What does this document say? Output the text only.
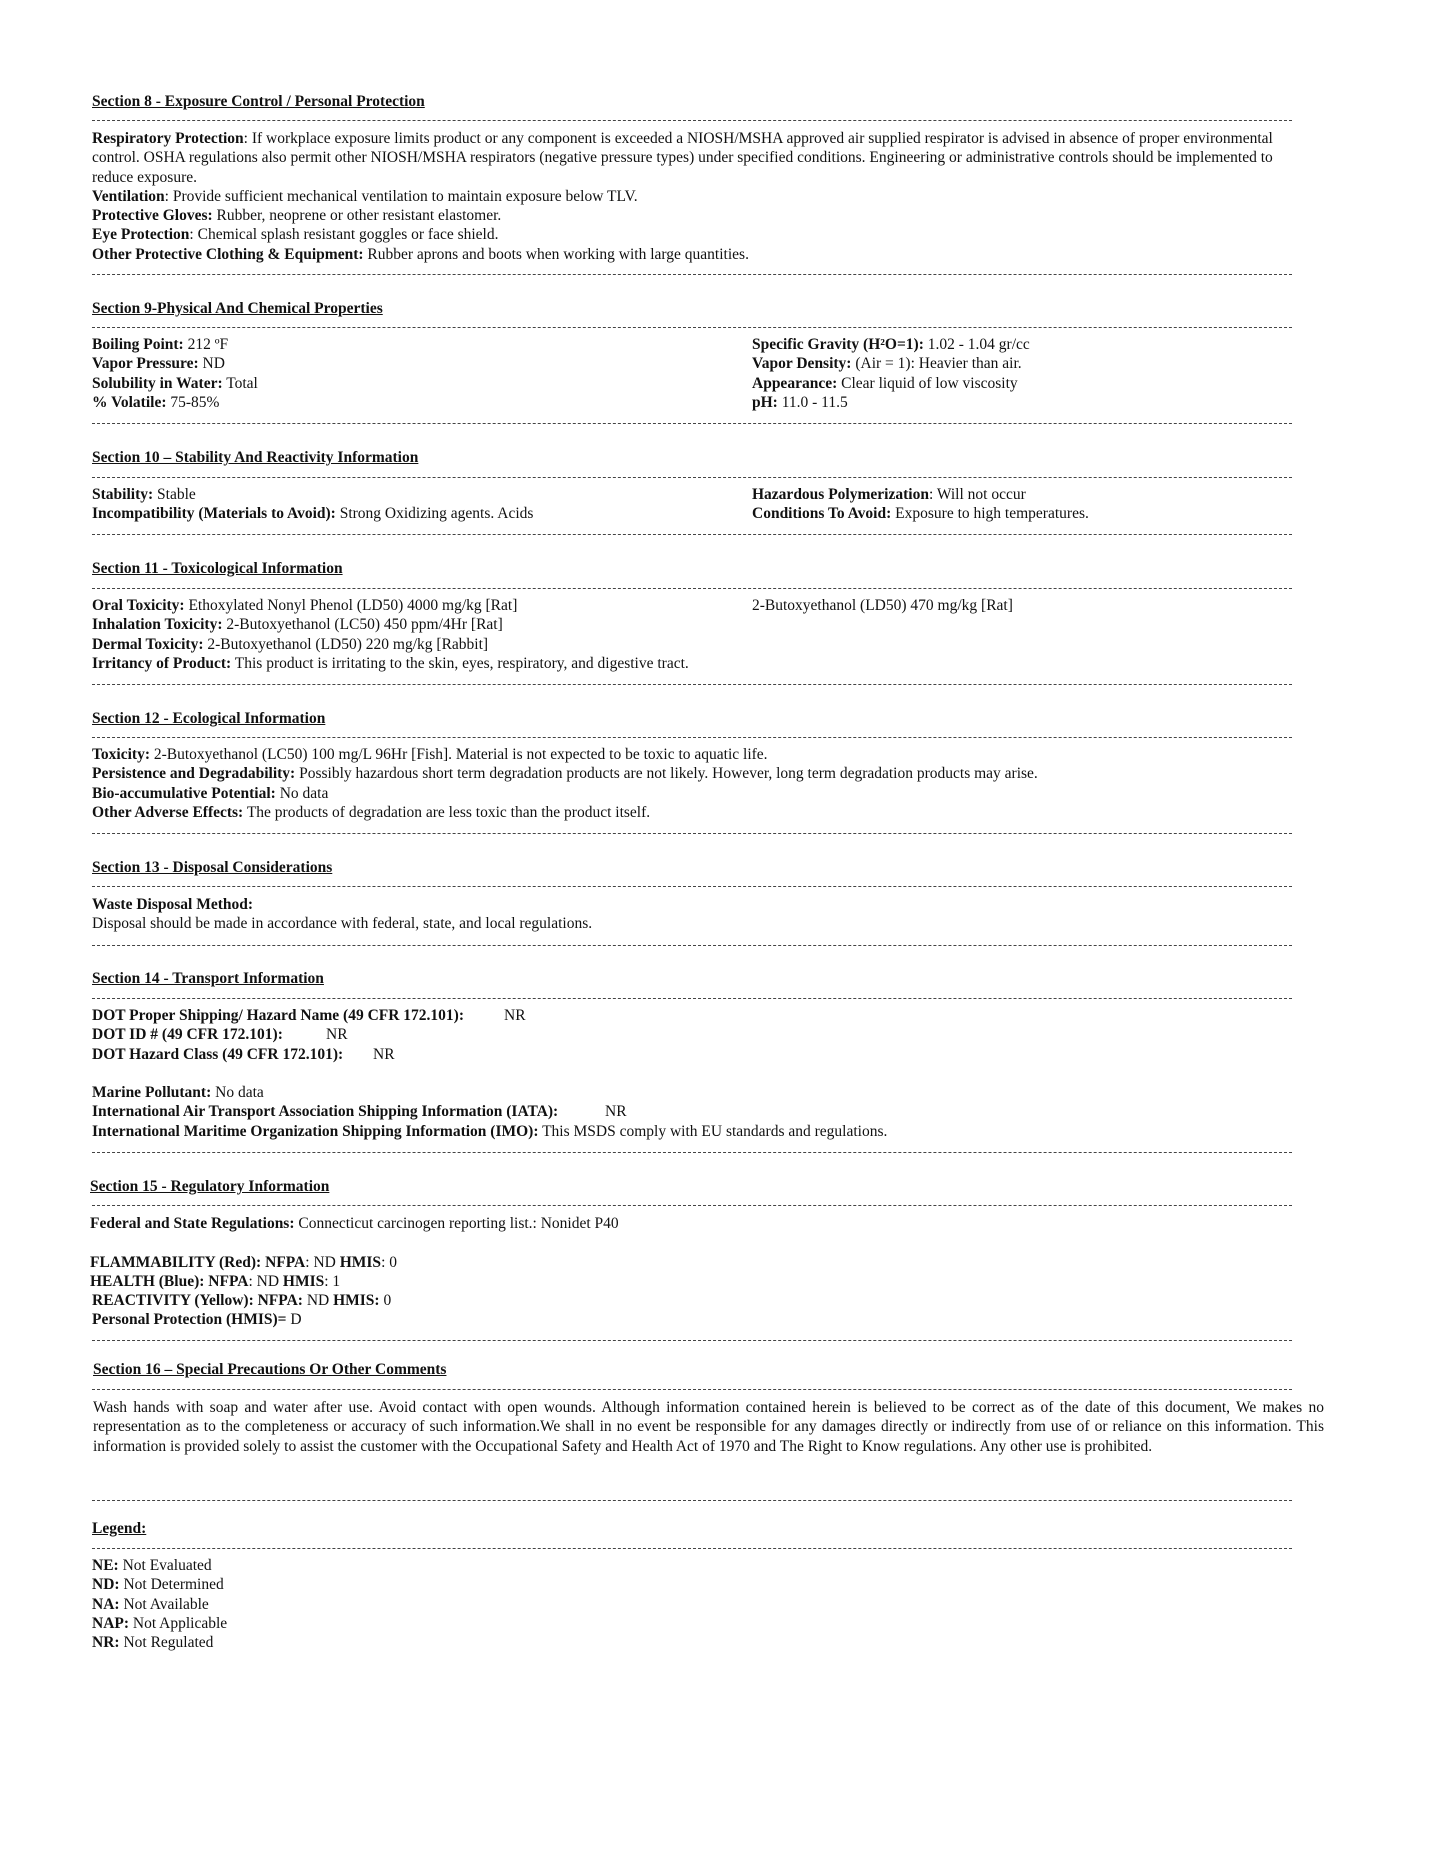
Section 8 - Exposure Control / Personal Protection
Respiratory Protection: If workplace exposure limits product or any component is exceeded a NIOSH/MSHA approved air supplied respirator is advised in absence of proper environmental control. OSHA regulations also permit other NIOSH/MSHA respirators (negative pressure types) under specified conditions. Engineering or administrative controls should be implemented to reduce exposure.
Ventilation: Provide sufficient mechanical ventilation to maintain exposure below TLV.
Protective Gloves: Rubber, neoprene or other resistant elastomer.
Eye Protection: Chemical splash resistant goggles or face shield.
Other Protective Clothing & Equipment: Rubber aprons and boots when working with large quantities.
Section 9-Physical And Chemical Properties
Boiling Point: 212 ºF	Specific Gravity (H²O=1): 1.02 - 1.04 gr/cc
Vapor Pressure: ND	Vapor Density: (Air = 1): Heavier than air.
Solubility in Water: Total	Appearance: Clear liquid of low viscosity
% Volatile: 75-85%	pH: 11.0 - 11.5
Section 10 – Stability And Reactivity Information
Stability: Stable	Hazardous Polymerization: Will not occur
Incompatibility (Materials to Avoid): Strong Oxidizing agents. Acids	Conditions To Avoid: Exposure to high temperatures.
Section 11 - Toxicological Information
Oral Toxicity: Ethoxylated Nonyl Phenol (LD50) 4000 mg/kg [Rat]	2-Butoxyethanol (LD50) 470 mg/kg [Rat]
Inhalation Toxicity: 2-Butoxyethanol (LC50) 450 ppm/4Hr [Rat]
Dermal Toxicity: 2-Butoxyethanol (LD50) 220 mg/kg [Rabbit]
Irritancy of Product: This product is irritating to the skin, eyes, respiratory, and digestive tract.
Section 12 - Ecological Information
Toxicity: 2-Butoxyethanol (LC50) 100 mg/L 96Hr [Fish]. Material is not expected to be toxic to aquatic life.
Persistence and Degradability: Possibly hazardous short term degradation products are not likely. However, long term degradation products may arise.
Bio-accumulative Potential: No data
Other Adverse Effects: The products of degradation are less toxic than the product itself.
Section 13 - Disposal Considerations
Waste Disposal Method:
Disposal should be made in accordance with federal, state, and local regulations.
Section 14 - Transport Information
DOT Proper Shipping/ Hazard Name (49 CFR 172.101):	NR
DOT ID # (49 CFR 172.101):	NR
DOT Hazard Class (49 CFR 172.101): NR
Marine Pollutant: No data
International Air Transport Association Shipping Information (IATA):	NR
International Maritime Organization Shipping Information (IMO): This MSDS comply with EU standards and regulations.
Section 15 - Regulatory Information
Federal and State Regulations: Connecticut carcinogen reporting list.: Nonidet P40
FLAMMABILITY (Red): NFPA: ND HMIS: 0
HEALTH (Blue): NFPA: ND HMIS: 1
REACTIVITY (Yellow): NFPA: ND HMIS: 0
Personal Protection (HMIS)= D
Section 16 – Special Precautions Or Other Comments
Wash hands with soap and water after use. Avoid contact with open wounds. Although information contained herein is believed to be correct as of the date of this document, We makes no representation as to the completeness or accuracy of such information.We shall in no event be responsible for any damages directly or indirectly from use of or reliance on this information. This information is provided solely to assist the customer with the Occupational Safety and Health Act of 1970 and The Right to Know regulations. Any other use is prohibited.
Legend:
NE: Not Evaluated
ND: Not Determined
NA: Not Available
NAP: Not Applicable
NR: Not Regulated
